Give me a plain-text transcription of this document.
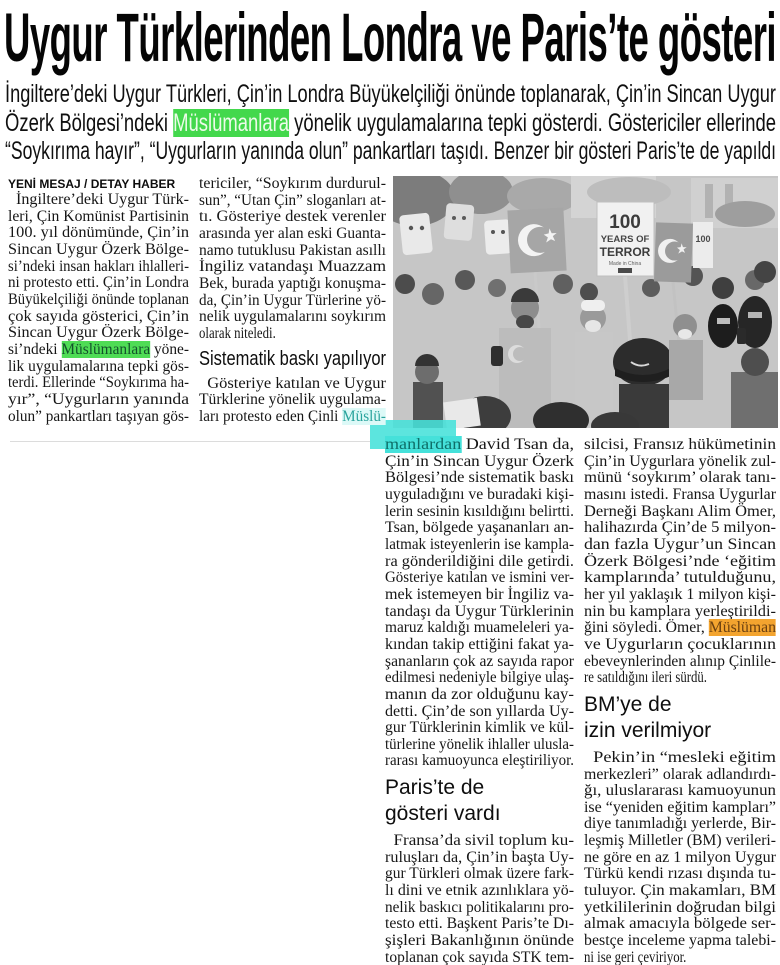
Uygur Türklerinden Londra ve Paris’te gösteri
İngiltere’deki Uygur Türkleri, Çin’in Londra Büyükelçiliği önünde toplanarak, Çin’in Sincan Uygur
Özerk Bölgesi’ndeki Müslümanlara yönelik uygulamalarına tepki gösterdi. Göstericiler ellerinde
“Soykırıma hayır”, “Uygurların yanında olun” pankartları taşıdı. Benzer bir gösteri Paris’te de yapıldı
100
YEARS OF
TERROR
Made in China
100
YENİ MESAJ / DETAY HABER
İngiltere’deki Uygur Türk-
leri, Çin Komünist Partisinin
100. yıl dönümünde, Çin’in
Sincan Uygur Özerk Bölge-
si’ndeki insan hakları ihlalleri-
ni protesto etti. Çin’in Londra
Büyükelçiliği önünde toplanan
çok sayıda gösterici, Çin’in
Sincan Uygur Özerk Bölge-
si’ndeki Müslümanlara yöne-
lik uygulamalarına tepki gös-
terdi. Ellerinde “Soykırıma ha-
yır”, “Uygurların yanında
olun” pankartları taşıyan gös-
tericiler, “Soykırım durdurul-
sun”, “Utan Çin” sloganları at-
tı. Gösteriye destek verenler
arasında yer alan eski Guanta-
namo tutuklusu Pakistan asıllı
İngiliz vatandaşı Muazzam
Bek, burada yaptığı konuşma-
da, Çin’in Uygur Türlerine yö-
nelik uygulamalarını soykırım
olarak niteledi.
Sistematik baskı yapılıyor
Gösteriye katılan ve Uygur
Türklerine yönelik uygulama-
ları protesto eden Çinli Müslü-
manlardan David Tsan da,
Çin’in Sincan Uygur Özerk
Bölgesi’nde sistematik baskı
uyguladığını ve buradaki kişi-
lerin sesinin kısıldığını belirtti.
Tsan, bölgede yaşananları an-
latmak isteyenlerin ise kampla-
ra gönderildiğini dile getirdi.
Gösteriye katılan ve ismini ver-
mek istemeyen bir İngiliz va-
tandaşı da Uygur Türklerinin
maruz kaldığı muameleleri ya-
kından takip ettiğini fakat ya-
şananların çok az sayıda rapor
edilmesi nedeniyle bilgiye ulaş-
manın da zor olduğunu kay-
detti. Çin’de son yıllarda Uy-
gur Türklerinin kimlik ve kül-
türlerine yönelik ihlaller ulusla-
rarası kamuoyunca eleştiriliyor.
Paris’te de
gösteri vardı
Fransa’da sivil toplum ku-
ruluşları da, Çin’in başta Uy-
gur Türkleri olmak üzere fark-
lı dini ve etnik azınlıklara yö-
nelik baskıcı politikalarını pro-
testo etti. Başkent Paris’te Dı-
şişleri Bakanlığının önünde
toplanan çok sayıda STK tem-
silcisi, Fransız hükümetinin
Çin’in Uygurlara yönelik zul-
münü ‘soykırım’ olarak tanı-
masını istedi. Fransa Uygurlar
Derneği Başkanı Alim Ömer,
halihazırda Çin’de 5 milyon-
dan fazla Uygur’un Sincan
Özerk Bölgesi’nde ‘eğitim
kamplarında’ tutulduğunu,
her yıl yaklaşık 1 milyon kişi-
nin bu kamplara yerleştirildi-
ğini söyledi. Ömer, Müslüman
ve Uygurların çocuklarının
ebeveynlerinden alınıp Çinlile-
re satıldığını ileri sürdü.
BM’ye de
izin verilmiyor
Pekin’in “mesleki eğitim
merkezleri” olarak adlandırdı-
ğı, uluslararası kamuoyunun
ise “yeniden eğitim kampları”
diye tanımladığı yerlerde, Bir-
leşmiş Milletler (BM) verileri-
ne göre en az 1 milyon Uygur
Türkü kendi rızası dışında tu-
tuluyor. Çin makamları, BM
yetkililerinin doğrudan bilgi
almak amacıyla bölgede ser-
bestçe inceleme yapma talebi-
ni ise geri çeviriyor.
